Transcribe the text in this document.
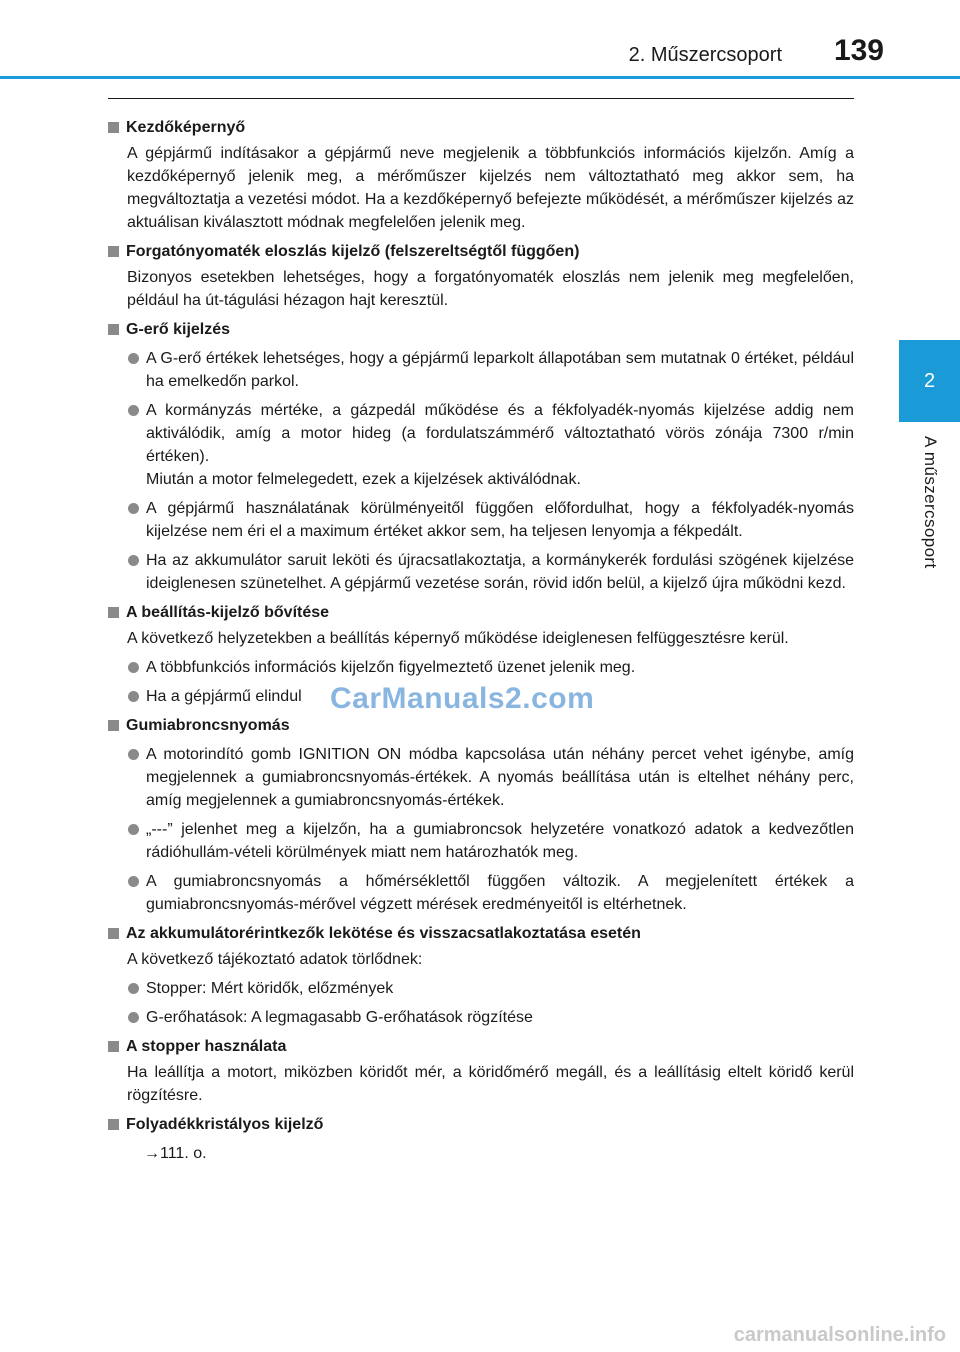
2. Műszercsoport 139
2
A műszercsoport
Kezdőképernyő
A gépjármű indításakor a gépjármű neve megjelenik a többfunkciós információs kijelzőn. Amíg a kezdőképernyő jelenik meg, a mérőműszer kijelzés nem változtatható meg akkor sem, ha megváltoztatja a vezetési módot. Ha a kezdőképernyő befejezte működését, a mérőműszer kijelzés az aktuálisan kiválasztott módnak megfelelően jelenik meg.
Forgatónyomaték eloszlás kijelző (felszereltségtől függően)
Bizonyos esetekben lehetséges, hogy a forgatónyomaték eloszlás nem jelenik meg megfelelően, például ha út-tágulási hézagon hajt keresztül.
G-erő kijelzés
A G-erő értékek lehetséges, hogy a gépjármű leparkolt állapotában sem mutatnak 0 értéket, például ha emelkedőn parkol.
A kormányzás mértéke, a gázpedál működése és a fékfolyadék-nyomás kijelzése addig nem aktiválódik, amíg a motor hideg (a fordulatszámmérő változtatható vörös zónája 7300 r/min értéken).
Miután a motor felmelegedett, ezek a kijelzések aktiválódnak.
A gépjármű használatának körülményeitől függően előfordulhat, hogy a fékfolyadék-nyomás kijelzése nem éri el a maximum értéket akkor sem, ha teljesen lenyomja a fékpedált.
Ha az akkumulátor saruit leköti és újracsatlakoztatja, a kormánykerék fordulási szögének kijelzése ideiglenesen szünetelhet. A gépjármű vezetése során, rövid időn belül, a kijelző újra működni kezd.
A beállítás-kijelző bővítése
A következő helyzetekben a beállítás képernyő működése ideiglenesen felfüggesztésre kerül.
A többfunkciós információs kijelzőn figyelmeztető üzenet jelenik meg.
Ha a gépjármű elindul
Gumiabroncsnyomás
A motorindító gomb IGNITION ON módba kapcsolása után néhány percet vehet igénybe, amíg megjelennek a gumiabroncsnyomás-értékek. A nyomás beállítása után is eltelhet néhány perc, amíg megjelennek a gumiabroncsnyomás-értékek.
„---” jelenhet meg a kijelzőn, ha a gumiabroncsok helyzetére vonatkozó adatok a kedvezőtlen rádióhullám-vételi körülmények miatt nem határozhatók meg.
A gumiabroncsnyomás a hőmérséklettől függően változik. A megjelenített értékek a gumiabroncsnyomás-mérővel végzett mérések eredményeitől is eltérhetnek.
Az akkumulátorérintkezők lekötése és visszacsatlakoztatása esetén
A következő tájékoztató adatok törlődnek:
Stopper: Mért köridők, előzmények
G-erőhatások: A legmagasabb G-erőhatások rögzítése
A stopper használata
Ha leállítja a motort, miközben köridőt mér, a köridőmérő megáll, és a leállításig eltelt köridő kerül rögzítésre.
Folyadékkristályos kijelző
→111. o.
CarManuals2.com
carmanualsonline.info
